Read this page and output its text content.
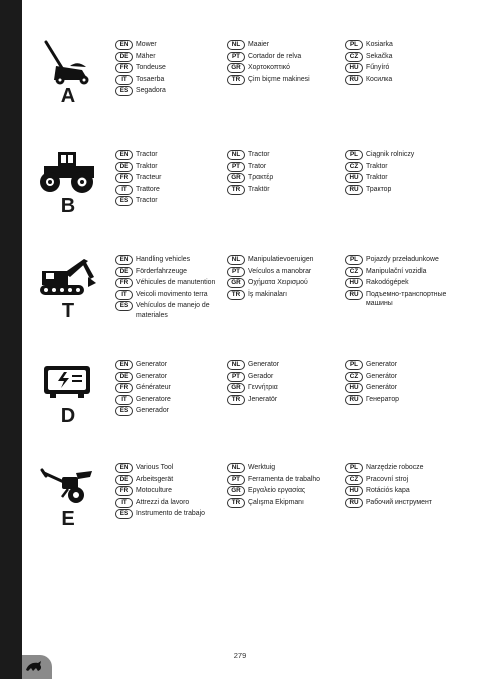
A
EN	Mower
DE	Mäher
FR	Tondeuse
IT	Tosaerba
ES	Segadora
NL	Maaier
PT	Cortador de relva
GR	Χορτοκοπτικό
TR	Çim biçme makinesi
PL	Kosiarka
CZ	Sekačka
HU	Fűnyíró
RU	Косилка
B
EN	Tractor
DE	Traktor
FR	Tracteur
IT	Trattore
ES	Tractor
NL	Tractor
PT	Trator
GR	Τρακτέρ
TR	Traktör
PL	Ciągnik rolniczy
CZ	Traktor
HU	Traktor
RU	Трактор
T
EN	Handling vehicles
DE	Förderfahrzeuge
FR	Véhicules de manutention
IT	Veicoli movimento terra
ES	Vehículos de manejo de materiales
NL	Manipulatievoeruigen
PT	Veículos a manobrar
GR	Οχήματα Χειρισμού
TR	İş makinaları
PL	Pojazdy przeładunkowe
CZ	Manipulační vozidla
HU	Rakodógépek
RU	Подъемно-транспортные машины
D
EN	Generator
DE	Generator
FR	Générateur
IT	Generatore
ES	Generador
NL	Generator
PT	Gerador
GR	Γεννήτρια
TR	Jeneratör
PL	Generator
CZ	Generátor
HU	Generátor
RU	Генератор
E
EN	Various Tool
DE	Arbeitsgerät
FR	Motoculture
IT	Attrezzi da lavoro
ES	Instrumento de trabajo
NL	Werktuig
PT	Ferramenta de trabalho
GR	Εργαλείο εργασίας
TR	Çalışma Ekipmanı
PL	Narzędzie robocze
CZ	Pracovní stroj
HU	Rotációs kapa
RU	Рабочий инструмент
279
